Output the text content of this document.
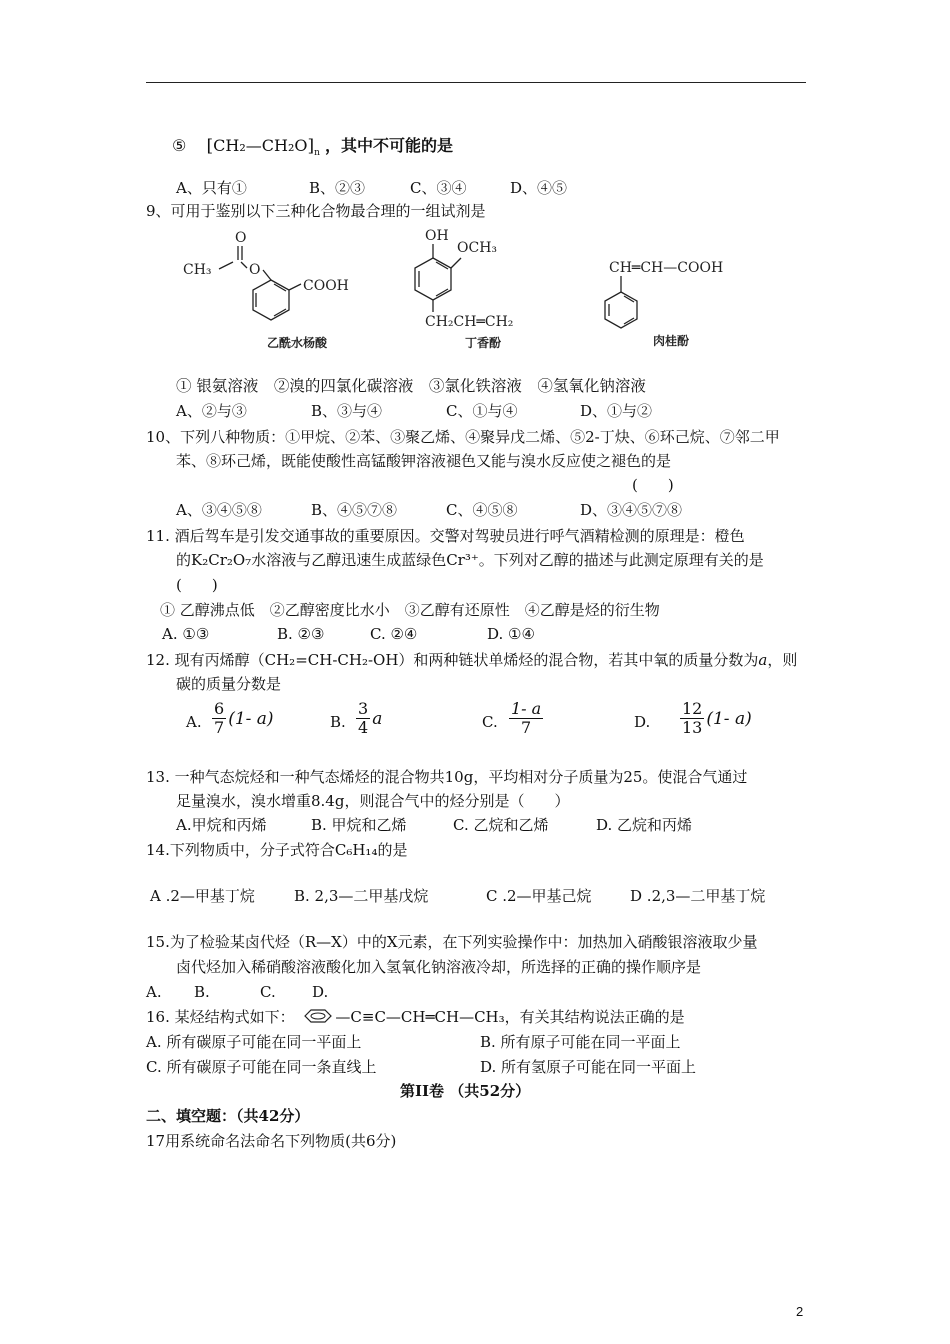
⑤ $[CH_2—CH_2O]_n$ ，其中不可能的是
A、只有①	B、②③	C、③④	D、④⑤
9、可用于鉴别以下三种化合物最合理的一组试剂是
O
CH₃	O
COOH
乙酰水杨酸
OH
OCH₃
CH₂CH═CH₂
丁香酚
CH═CH—COOH
肉桂酚
① 银氨溶液　②溴的四氯化碳溶液　③氯化铁溶液　④氢氧化钠溶液
A、②与③	B、③与④	C、①与④	D、①与②
10、下列八种物质：①甲烷、②苯、③聚乙烯、④聚异戊二烯、⑤2-丁炔、⑥环己烷、⑦邻二甲
苯、⑧环己烯，既能使酸性高锰酸钾溶液褪色又能与溴水反应使之褪色的是
(　　)
A、③④⑤⑧	B、④⑤⑦⑧	C、④⑤⑧	D、③④⑤⑦⑧
11. 酒后驾车是引发交通事故的重要原因。交警对驾驶员进行呼气酒精检测的原理是：橙色
的K₂Cr₂O₇水溶液与乙醇迅速生成蓝绿色Cr³⁺。下列对乙醇的描述与此测定原理有关的是
(　　)
① 乙醇沸点低　②乙醇密度比水小　③乙醇有还原性　④乙醇是烃的衍生物
A. ①③	B. ②③	C. ②④	D. ①④
12. 现有丙烯醇（CH₂=CH-CH₂-OH）和两种链状单烯烃的混合物，若其中氧的质量分数为a，则
碳的质量分数是
A. $\frac{6}{7} (1-$ a)	B. $\frac{3}{4}$ a	C. $\frac{1- a}{7}$	D. $\frac{12}{13} (1-$ a)
13. 一种气态烷烃和一种气态烯烃的混合物共10g，平均相对分子质量为25。使混合气通过
足量溴水，溴水增重8.4g，则混合气中的烃分别是（　　）
A.甲烷和丙烯	B. 甲烷和乙烯	C. 乙烷和乙烯	D. 乙烷和丙烯
14.下列物质中，分子式符合C₆H₁₄的是
A .2—甲基丁烷	B. 2,3—二甲基戊烷	C .2—甲基己烷	D .2,3—二甲基丁烷
15.为了检验某卤代烃（R—X）中的X元素，在下列实验操作中：加热加入硝酸银溶液取少量
卤代烃加入稀硝酸溶液酸化加入氢氧化钠溶液冷却，所选择的正确的操作顺序是
A. B.	C. D.
16. 某烃结构式如下：	—C≡C—CH═CH—CH₃，有关其结构说法正确的是
A. 所有碳原子可能在同一平面上	B. 所有原子可能在同一平面上
C. 所有碳原子可能在同一条直线上	D. 所有氢原子可能在同一平面上
第II卷 （共52分）
二、填空题：（共42分）
17用系统命名法命名下列物质(共6分)
2
